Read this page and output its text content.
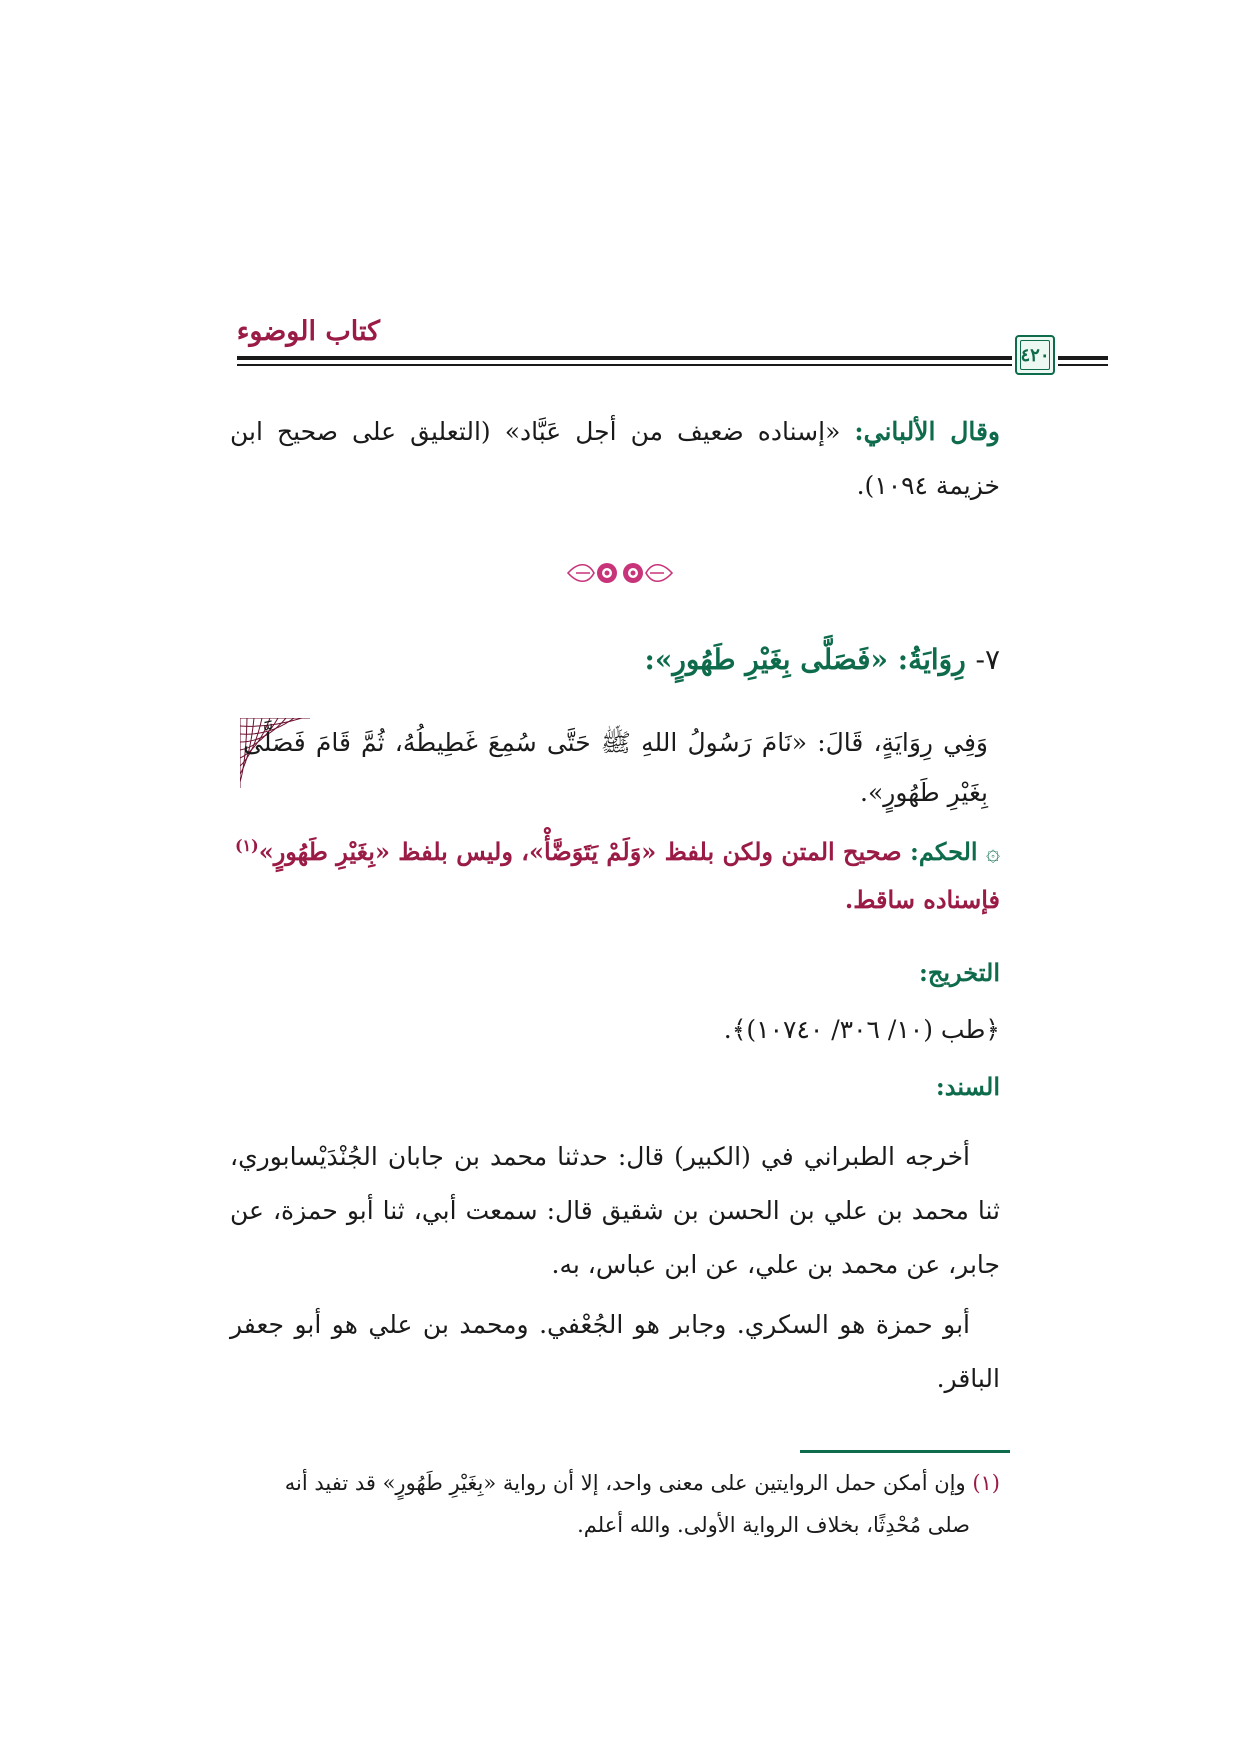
كتاب الوضوء
٤٢٠
وقال الألباني: «إسناده ضعيف من أجل عَبَّاد» (التعليق على صحيح ابن خزيمة ١٠٩٤).
٧- رِوَايَةُ: «فَصَلَّى بِغَيْرِ طَهُورٍ»:
وَفِي رِوَايَةٍ، قَالَ: «نَامَ رَسُولُ اللهِ ﷺ حَتَّى سُمِعَ غَطِيطُهُ، ثُمَّ قَامَ فَصَلَّى بِغَيْرِ طَهُورٍ».
۞ الحكم: صحيح المتن ولكن بلفظ «وَلَمْ يَتَوَضَّأْ»، وليس بلفظ «بِغَيْرِ طَهُورٍ»$^{(١)}$
فإسناده ساقط.
التخريج:
﴿طب (١٠/ ٣٠٦/ ١٠٧٤٠)﴾.
السند:
أخرجه الطبراني في (الكبير) قال: حدثنا محمد بن جابان الجُنْدَيْسابوري، ثنا محمد بن علي بن الحسن بن شقيق قال: سمعت أبي، ثنا أبو حمزة، عن جابر، عن محمد بن علي، عن ابن عباس، به.
أبو حمزة هو السكري. وجابر هو الجُعْفي. ومحمد بن علي هو أبو جعفر الباقر.
(١) وإن أمكن حمل الروايتين على معنى واحد، إلا أن رواية «بِغَيْرِ طَهُورٍ» قد تفيد أنه
صلى مُحْدِثًا، بخلاف الرواية الأولى. والله أعلم.
